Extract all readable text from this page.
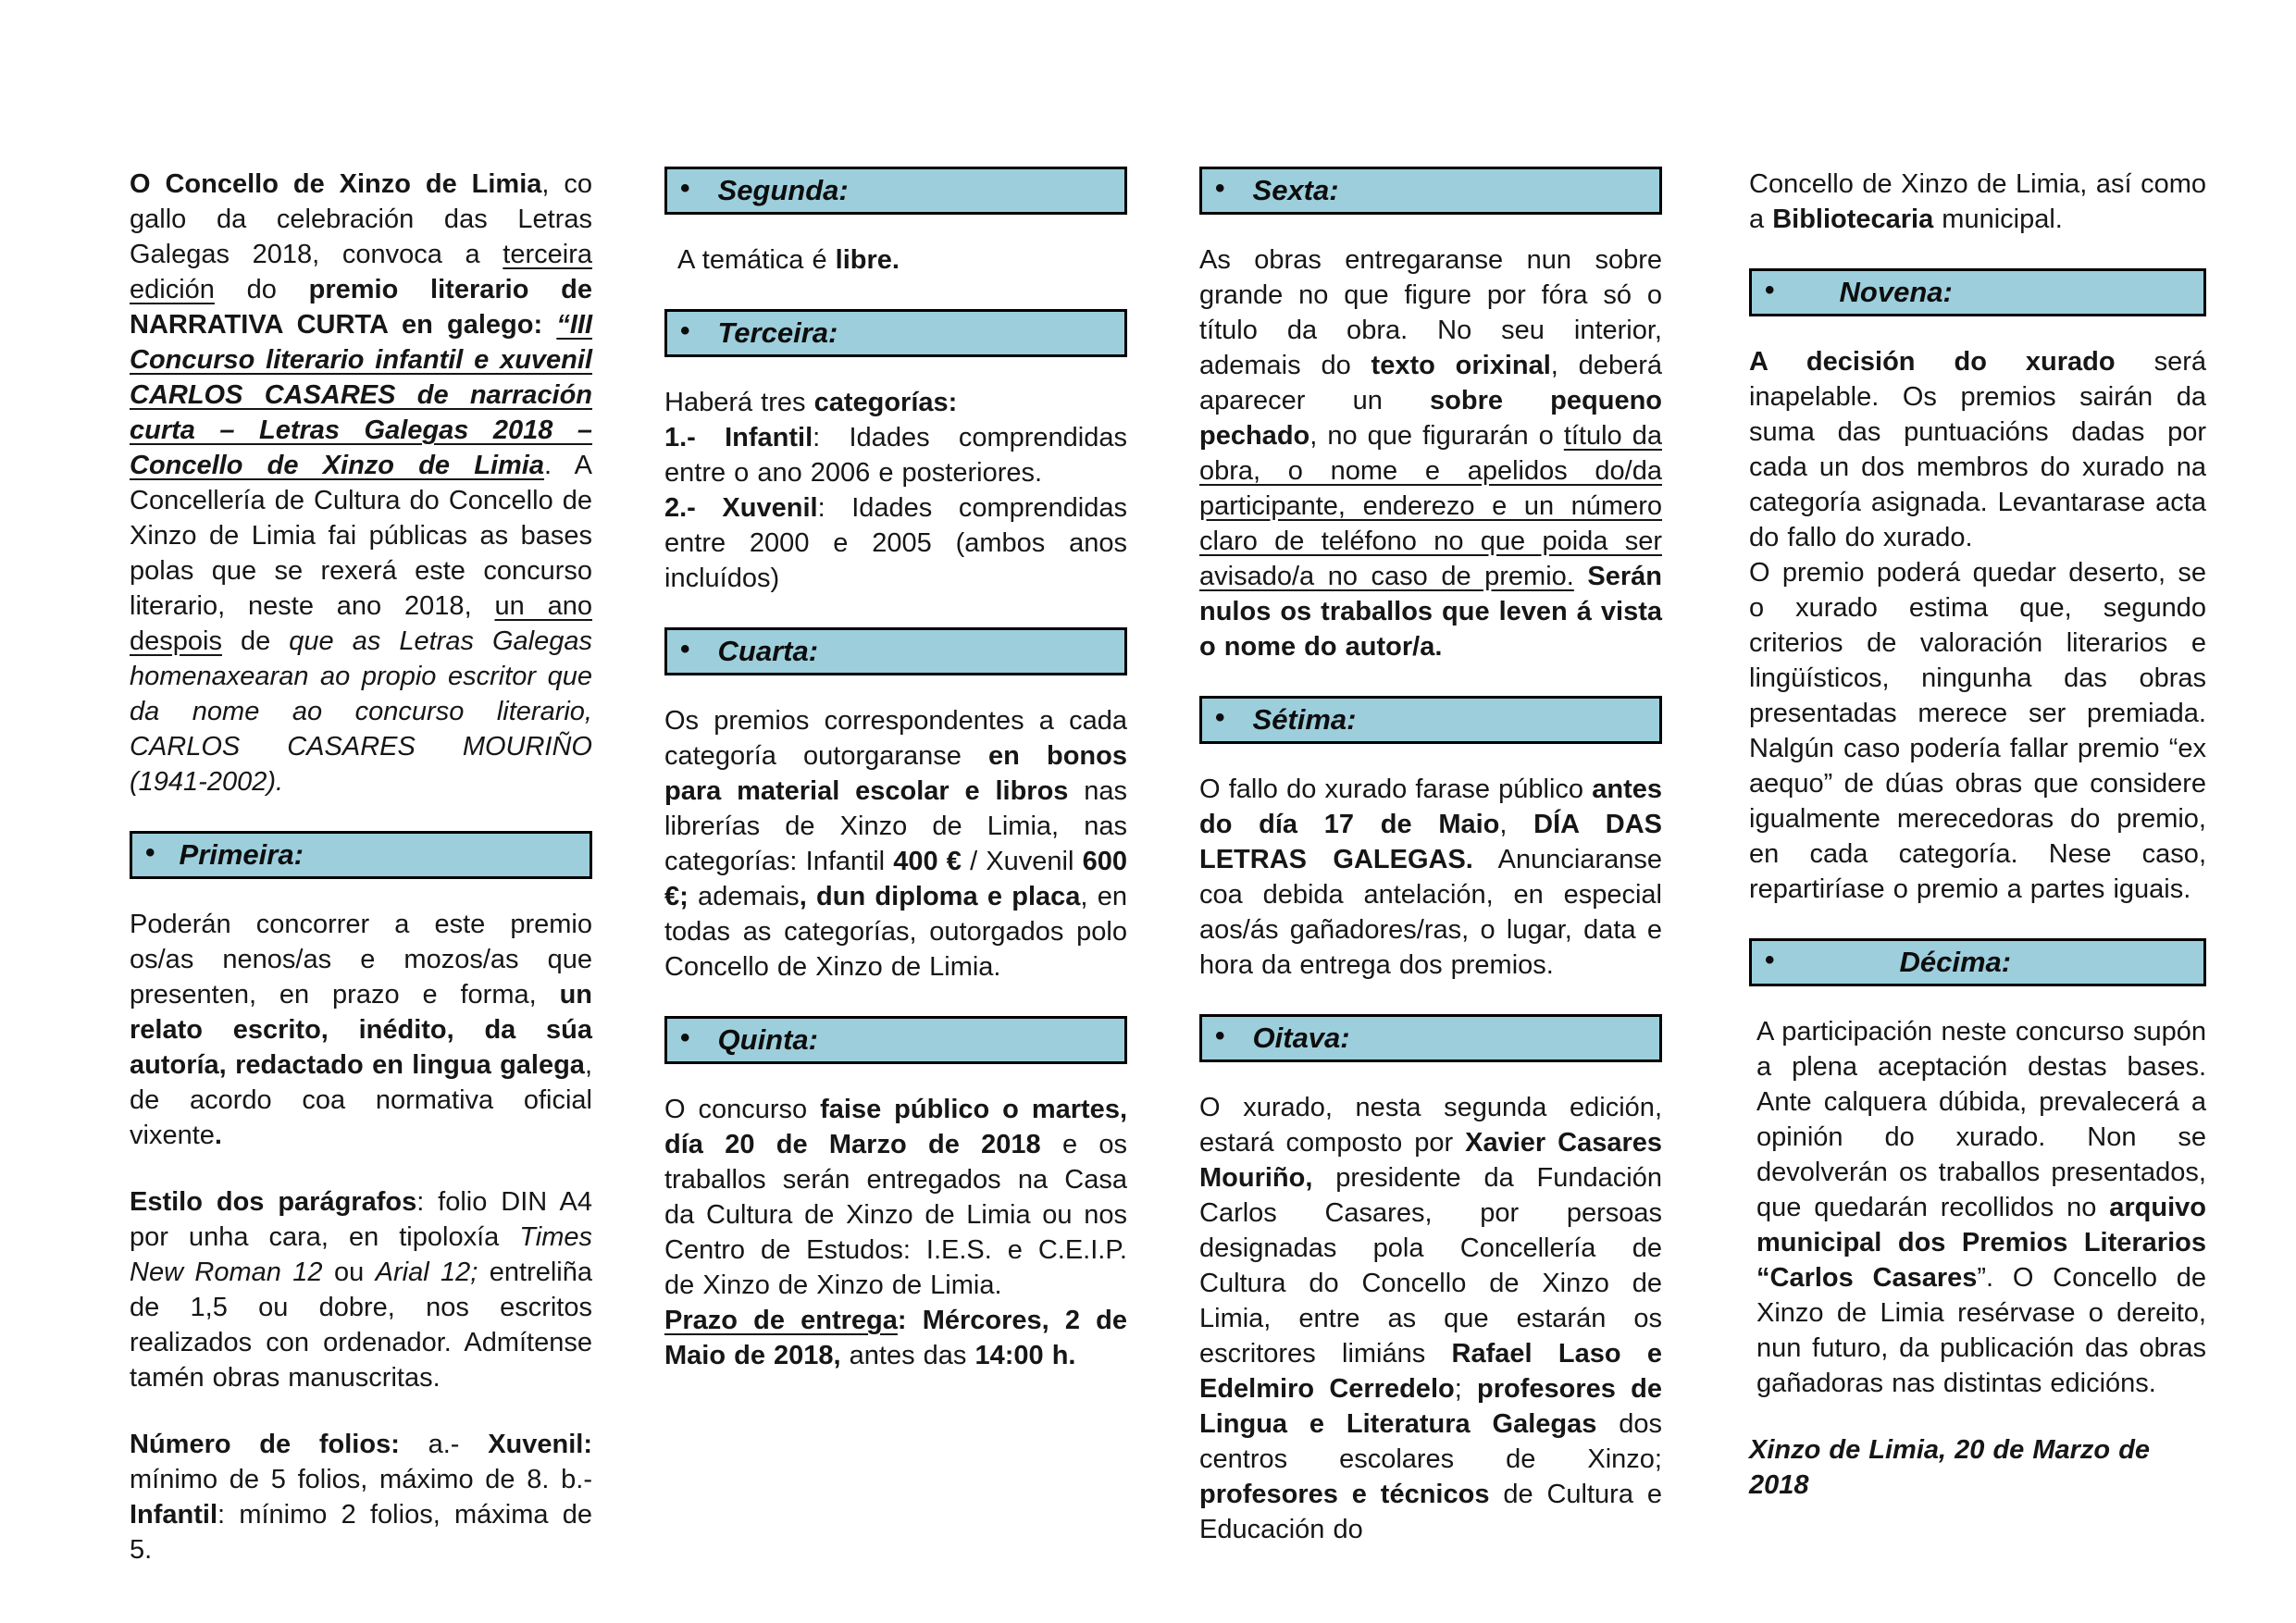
O Concello de Xinzo de Limia, co gallo da celebración das Letras Galegas 2018, convoca a terceira edición do premio literario de NARRATIVA CURTA en galego: “III Concurso literario infantil e xuvenil CARLOS CASARES de narración curta – Letras Galegas 2018 –Concello de Xinzo de Limia. A Concellería de Cultura do Concello de Xinzo de Limia fai públicas as bases polas que se rexerá este concurso literario, neste ano 2018, un ano despois de que as Letras Galegas homenaxearan ao propio escritor que da nome ao concurso literario, CARLOS CASARES MOURIÑO (1941-2002).

• Primeira:

Poderán concorrer a este premio os/as nenos/as e mozos/as que presenten, en prazo e forma, un relato escrito, inédito, da súa autoría, redactado en lingua galega, de acordo coa normativa oficial vixente.

Estilo dos parágrafos: folio DIN A4 por unha cara, en tipoloxía Times New Roman 12 ou Arial 12; entreliña de 1,5 ou dobre, nos escritos realizados con ordenador. Admítense tamén obras manuscritas.

Número de folios: a.- Xuvenil: mínimo de 5 folios, máximo de 8. b.- Infantil: mínimo 2 folios, máxima de 5.

• Segunda:

A temática é libre.

• Terceira:

Haberá tres categorías:

1.- Infantil: Idades comprendidas entre o ano 2006 e posteriores.

2.- Xuvenil: Idades comprendidas entre 2000 e 2005 (ambos anos incluídos)

• Cuarta:

Os premios correspondentes a cada categoría outorgaranse en bonos para material escolar e libros nas librerías de Xinzo de Limia, nas categorías: Infantil 400 € / Xuvenil 600 €; ademais, dun diploma e placa, en todas as categorías, outorgados polo Concello de Xinzo de Limia.

• Quinta:

O concurso faise público o martes, día 20 de Marzo de 2018 e os traballos serán entregados na Casa da Cultura de Xinzo de Limia ou nos Centro de Estudos: I.E.S. e C.E.I.P. de Xinzo de Xinzo de Limia.
Prazo de entrega: Mércores, 2 de Maio de 2018, antes das 14:00 h.

• Sexta:

As obras entregaranse nun sobre grande no que figure por fóra só o título da obra. No seu interior, ademais do texto orixinal, deberá aparecer un sobre pequeno pechado, no que figurarán o título da obra, o nome e apelidos do/da participante, enderezo e un número claro de teléfono no que poida ser avisado/a no caso de premio. Serán nulos os traballos que leven á vista o nome do autor/a.

• Sétima:

O fallo do xurado farase público antes do día 17 de Maio, DÍA DAS LETRAS GALEGAS. Anunciaranse coa debida antelación, en especial aos/ás gañadores/ras, o lugar, data e hora da entrega dos premios.

• Oitava:

O xurado, nesta segunda edición, estará composto por Xavier Casares Mouriño, presidente da Fundación Carlos Casares, por persoas designadas pola Concellería de Cultura do Concello de Xinzo de Limia, entre as que estarán os escritores limiáns Rafael Laso e Edelmiro Cerredelo; profesores de Lingua e Literatura Galegas dos centros escolares de Xinzo; profesores e técnicos de Cultura e Educación do

Concello de Xinzo de Limia, así como a Bibliotecaria municipal.

• Novena:

A decisión do xurado será inapelable. Os premios sairán da suma das puntuacións dadas por cada un dos membros do xurado na categoría asignada. Levantarase acta do fallo do xurado.
O premio poderá quedar deserto, se o xurado estima que, segundo criterios de valoración literarios e lingüísticos, ningunha das obras presentadas merece ser premiada. Nalgún caso podería fallar premio “ex aequo” de dúas obras que considere igualmente merecedoras do premio, en cada categoría. Nese caso, repartiríase o premio a partes iguais.

•	Décima:

A participación neste concurso supón a plena aceptación destas bases. Ante calquera dúbida, prevalecerá a opinión do xurado. Non se devolverán os traballos presentados, que quedarán recollidos no arquivo municipal dos Premios Literarios “Carlos Casares”. O Concello de Xinzo de Limia resérvase o dereito, nun futuro, da publicación das obras gañadoras nas distintas edicións.

Xinzo de Limia, 20 de Marzo de 2018
